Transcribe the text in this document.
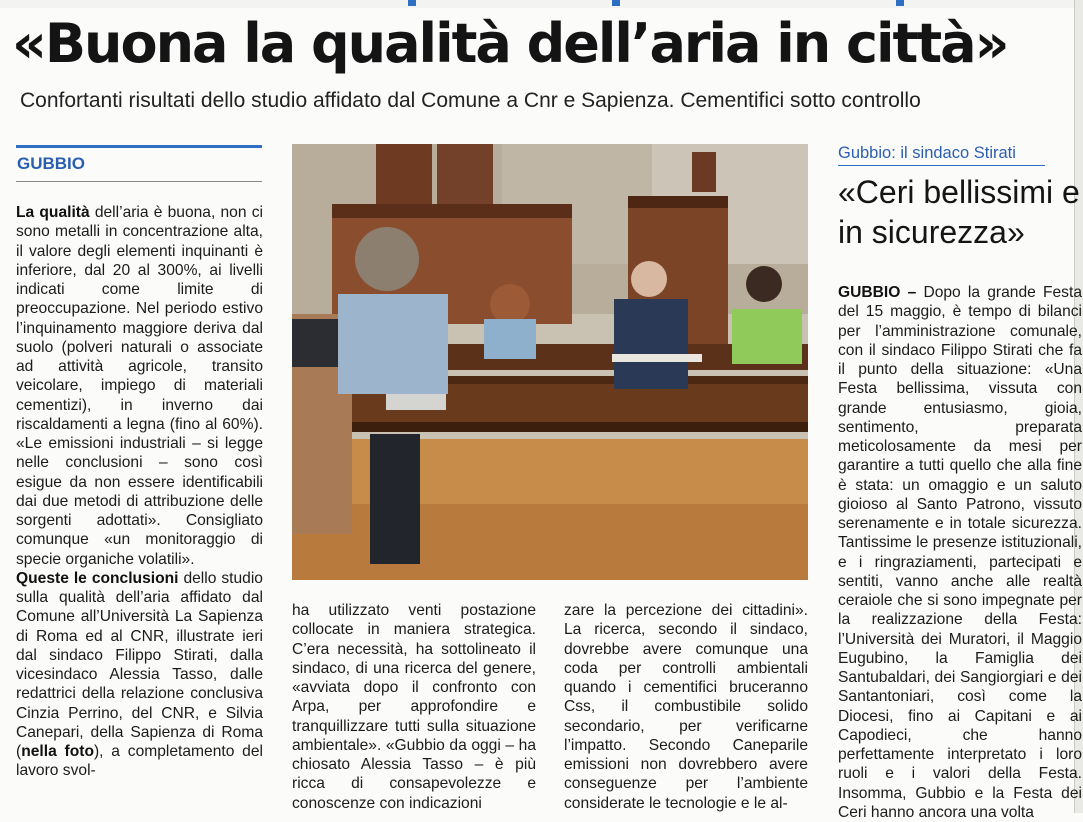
«Buona la qualità dell’aria in città»

Confortanti risultati dello studio affidato dal Comune a Cnr e Sapienza. Cementifici sotto controllo

GUBBIO

La qualità dell’aria è buona, non ci sono metalli in concentrazione alta, il valore degli elementi inquinanti è inferiore, dal 20 al 300%, ai livelli indicati come limite di preoccupazione. Nel periodo estivo l’inquinamento maggiore deriva dal suolo (polveri naturali o associate ad attività agricole, transito veicolare, impiego di materiali cementizi), in inverno dai riscaldamenti a legna (fino al 60%). «Le emissioni industriali – si legge nelle conclusioni – sono così esigue da non essere identificabili dai due metodi di attribuzione delle sorgenti adottati». Consigliato comunque «un monitoraggio di specie organiche volatili».

Queste le conclusioni dello studio sulla qualità dell’aria affidato dal Comune all’Università La Sapienza di Roma ed al CNR, illustrate ieri dal sindaco Filippo Stirati, dalla vicesindaco Alessia Tasso, dalle redattrici della relazione conclusiva Cinzia Perrino, del CNR, e Silvia Canepari, della Sapienza di Roma (nella foto), a completamento del lavoro svol-

ha utilizzato venti postazione collocate in maniera strategica. C’era necessità, ha sottolineato il sindaco, di una ricerca del genere, «avviata dopo il confronto con Arpa, per approfondire e tranquillizzare tutti sulla situazione ambientale». «Gubbio da oggi – ha chiosato Alessia Tasso – è più ricca di consapevolezze e conoscenze con indicazioni
zare la percezione dei cittadini». La ricerca, secondo il sindaco, dovrebbe avere comunque una coda per controlli ambientali quando i cementifici bruceranno Css, il combustibile solido secondario, per verificarne l’impatto. Secondo Caneparile emissioni non dovrebbero avere conseguenze per l’ambiente considerate le tecnologie e le al-
Gubbio: il sindaco Stirati
«Ceri bellissimi e in sicurezza»

GUBBIO – Dopo la grande Festa del 15 maggio, è tempo di bilanci per l’amministrazione comunale, con il sindaco Filippo Stirati che fa il punto della situazione: «Una Festa bellissima, vissuta con grande entusiasmo, gioia, sentimento, preparata meticolosamente da mesi per garantire a tutti quello che alla fine è stata: un omaggio e un saluto gioioso al Santo Patrono, vissuto serenamente e in totale sicurezza. Tantissime le presenze istituzionali, e i ringraziamenti, partecipati e sentiti, vanno anche alle realtà ceraiole che si sono impegnate per la realizzazione della Festa: l’Università dei Muratori, il Maggio Eugubino, la Famiglia dei Santubaldari, dei Sangiorgiari e dei Santantoniari, così come la Diocesi, fino ai Capitani e ai Capodieci, che hanno perfettamente interpretato i loro ruoli e i valori della Festa. Insomma, Gubbio e la Festa dei Ceri hanno ancora una volta
